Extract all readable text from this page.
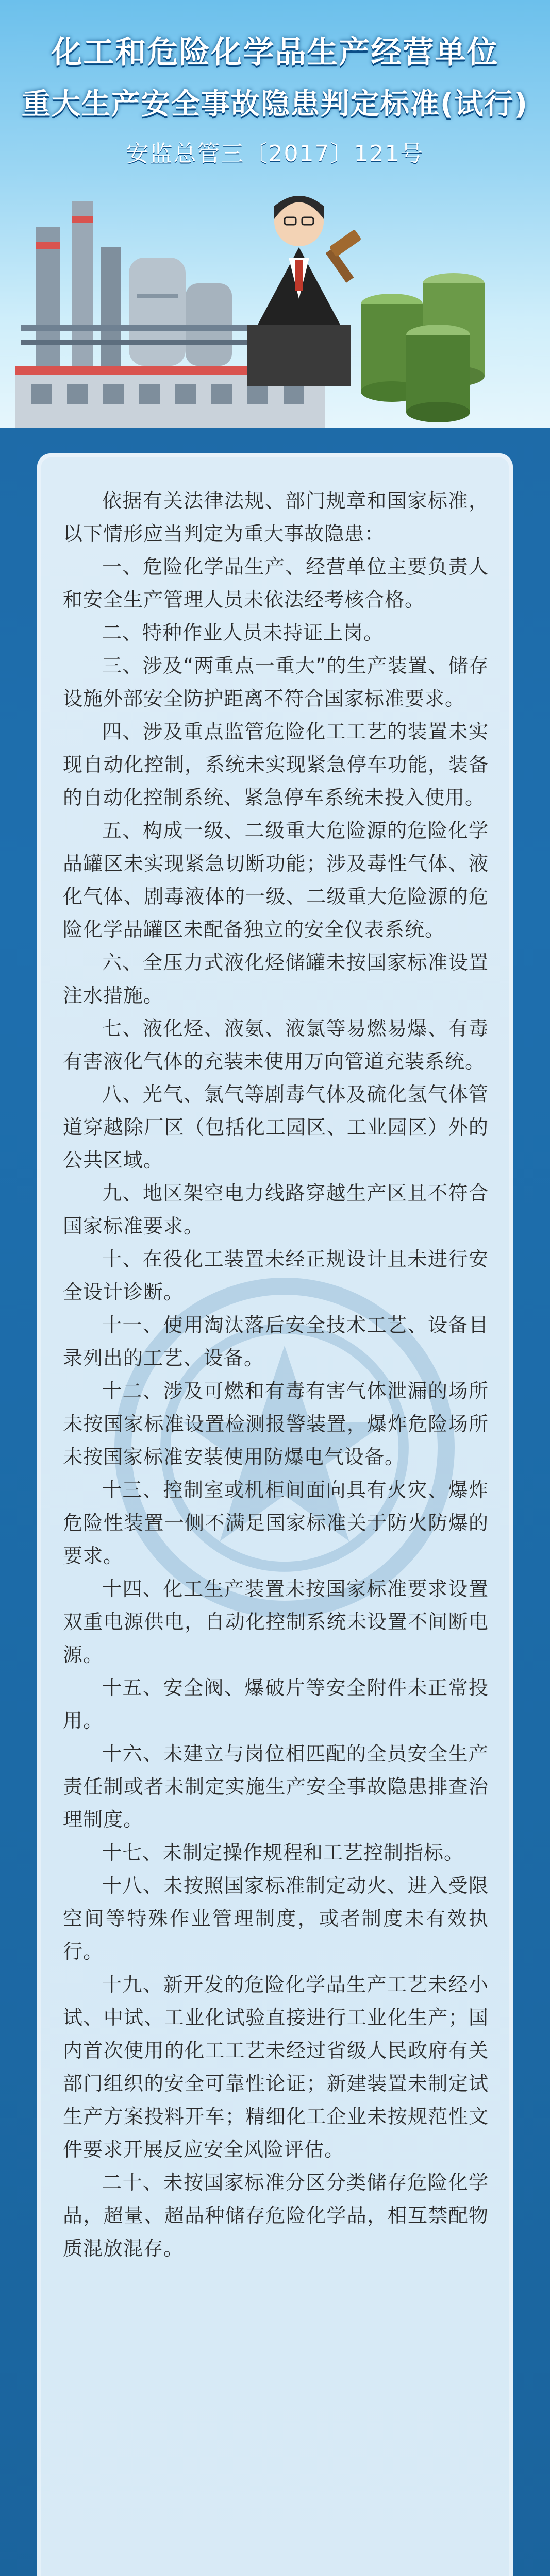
化工和危险化学品生产经营单位
重大生产安全事故隐患判定标准(试行)
安监总管三〔2017〕121号

依据有关法律法规、部门规章和国家标准，以下情形应当判定为重大事故隐患：

一、危险化学品生产、经营单位主要负责人和安全生产管理人员未依法经考核合格。

二、特种作业人员未持证上岗。

三、涉及“两重点一重大”的生产装置、储存设施外部安全防护距离不符合国家标准要求。

四、涉及重点监管危险化工工艺的装置未实现自动化控制，系统未实现紧急停车功能，装备的自动化控制系统、紧急停车系统未投入使用。

五、构成一级、二级重大危险源的危险化学品罐区未实现紧急切断功能；涉及毒性气体、液化气体、剧毒液体的一级、二级重大危险源的危险化学品罐区未配备独立的安全仪表系统。

六、全压力式液化烃储罐未按国家标准设置注水措施。

七、液化烃、液氨、液氯等易燃易爆、有毒有害液化气体的充装未使用万向管道充装系统。

八、光气、氯气等剧毒气体及硫化氢气体管道穿越除厂区（包括化工园区、工业园区）外的公共区域。

九、地区架空电力线路穿越生产区且不符合国家标准要求。

十、在役化工装置未经正规设计且未进行安全设计诊断。

十一、使用淘汰落后安全技术工艺、设备目录列出的工艺、设备。

十二、涉及可燃和有毒有害气体泄漏的场所未按国家标准设置检测报警装置，爆炸危险场所未按国家标准安装使用防爆电气设备。

十三、控制室或机柜间面向具有火灾、爆炸危险性装置一侧不满足国家标准关于防火防爆的要求。

十四、化工生产装置未按国家标准要求设置双重电源供电，自动化控制系统未设置不间断电源。

十五、安全阀、爆破片等安全附件未正常投用。

十六、未建立与岗位相匹配的全员安全生产责任制或者未制定实施生产安全事故隐患排查治理制度。

十七、未制定操作规程和工艺控制指标。

十八、未按照国家标准制定动火、进入受限空间等特殊作业管理制度，或者制度未有效执行。

十九、新开发的危险化学品生产工艺未经小试、中试、工业化试验直接进行工业化生产；国内首次使用的化工工艺未经过省级人民政府有关部门组织的安全可靠性论证；新建装置未制定试生产方案投料开车；精细化工企业未按规范性文件要求开展反应安全风险评估。

二十、未按国家标准分区分类储存危险化学品，超量、超品种储存危险化学品，相互禁配物质混放混存。
